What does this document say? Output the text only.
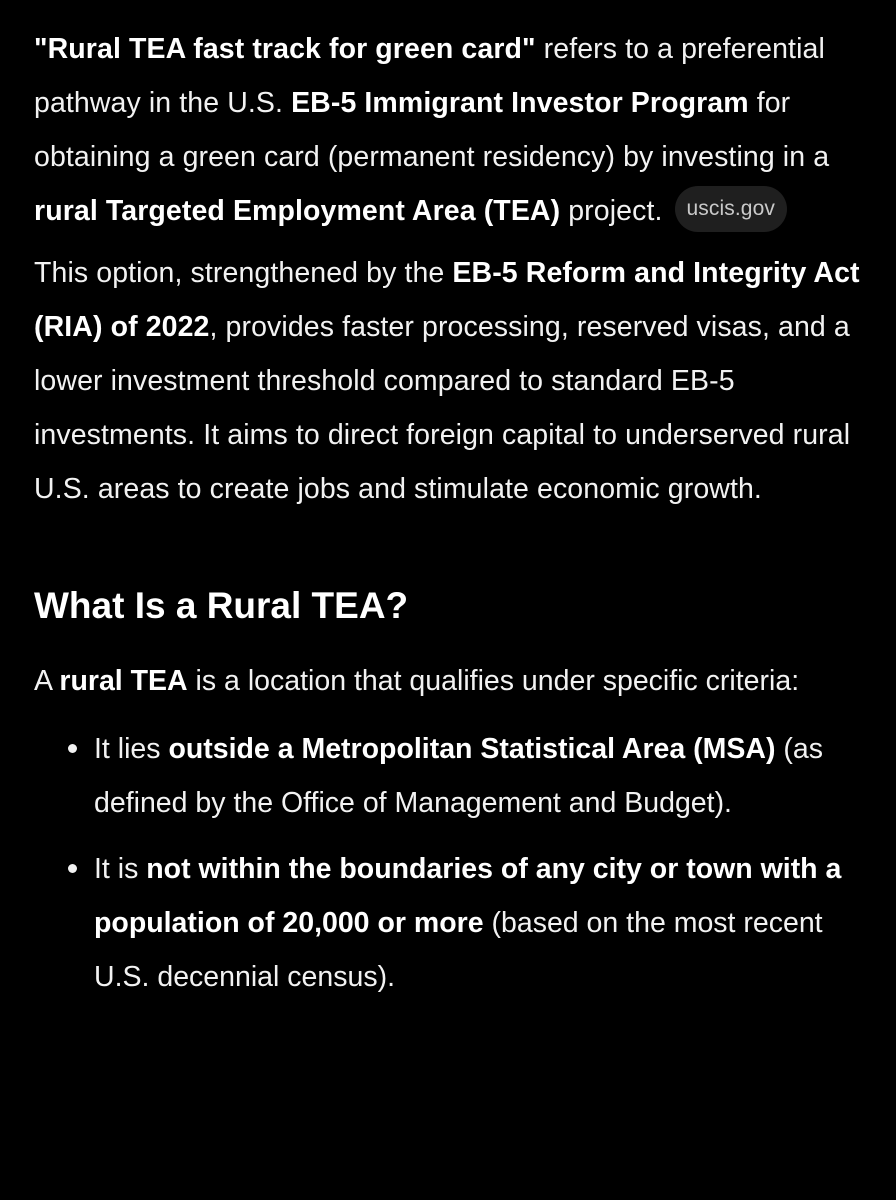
"Rural TEA fast track for green card" refers to a preferential pathway in the U.S. EB-5 Immigrant Investor Program for obtaining a green card (permanent residency) by investing in a rural Targeted Employment Area (TEA) project. uscis.gov

This option, strengthened by the EB-5 Reform and Integrity Act (RIA) of 2022, provides faster processing, reserved visas, and a lower investment threshold compared to standard EB-5 investments. It aims to direct foreign capital to underserved rural U.S. areas to create jobs and stimulate economic growth.

What Is a Rural TEA?

A rural TEA is a location that qualifies under specific criteria:

It lies outside a Metropolitan Statistical Area (MSA) (as defined by the Office of Management and Budget).
It is not within the boundaries of any city or town with a population of 20,000 or more (based on the most recent U.S. decennial census).
